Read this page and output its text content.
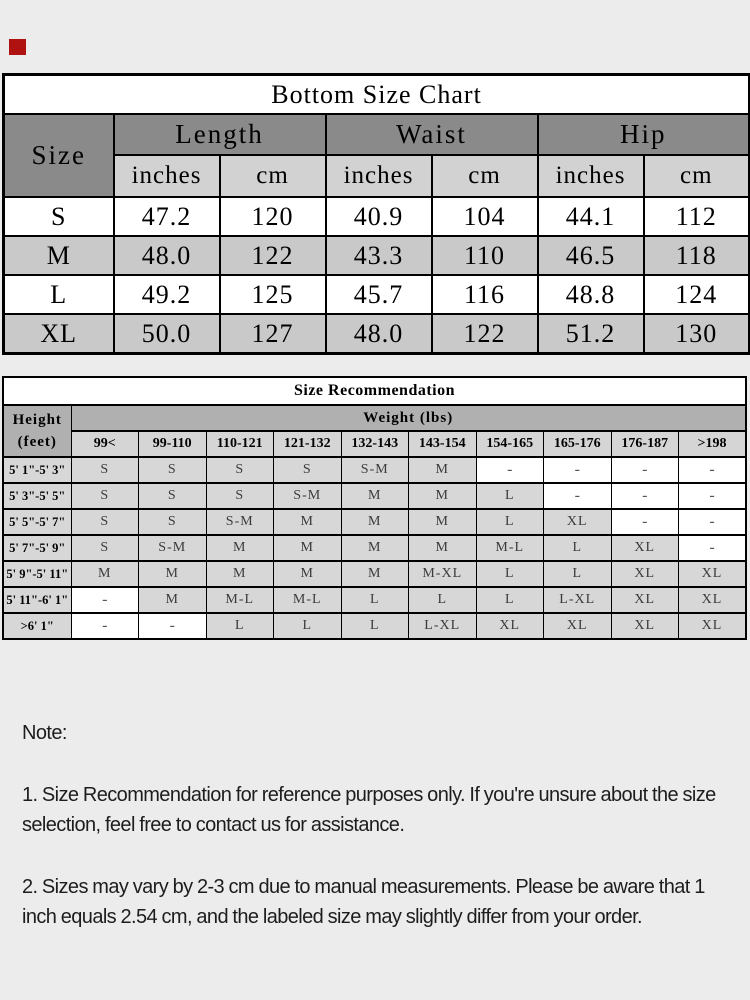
Bottom Size Chart						
Size	Length		Waist		Hip	
	inches	cm	inches	cm	inches	cm
S	47.2	120	40.9	104	44.1	112
M	48.0	122	43.3	110	46.5	118
L	49.2	125	45.7	116	48.8	124
XL	50.0	127	48.0	122	51.2	130
Size Recommendation										

Height
(feet)	Weight (lbs)									
	99<	99-110	110-121	121-132	132-143	143-154	154-165	165-176	176-187	>198
5' 1"-5' 3"	S	S	S	S	S-M	M	-	-	-	-
5' 3"-5' 5"	S	S	S	S-M	M	M	L	-	-	-
5' 5"-5' 7"	S	S	S-M	M	M	M	L	XL	-	-
5' 7"-5' 9"	S	S-M	M	M	M	M	M-L	L	XL	-
5' 9"-5' 11"	M	M	M	M	M	M-XL	L	L	XL	XL
5' 11"-6' 1"	-	M	M-L	M-L	L	L	L	L-XL	XL	XL
>6' 1"	-	-	L	L	L	L-XL	XL	XL	XL	XL

Note:

1. Size Recommendation for reference purposes only. If you're unsure about the size selection, feel free to contact us for assistance.

2. Sizes may vary by 2-3 cm due to manual measurements. Please be aware that 1 inch equals 2.54 cm, and the labeled size may slightly differ from your order.
